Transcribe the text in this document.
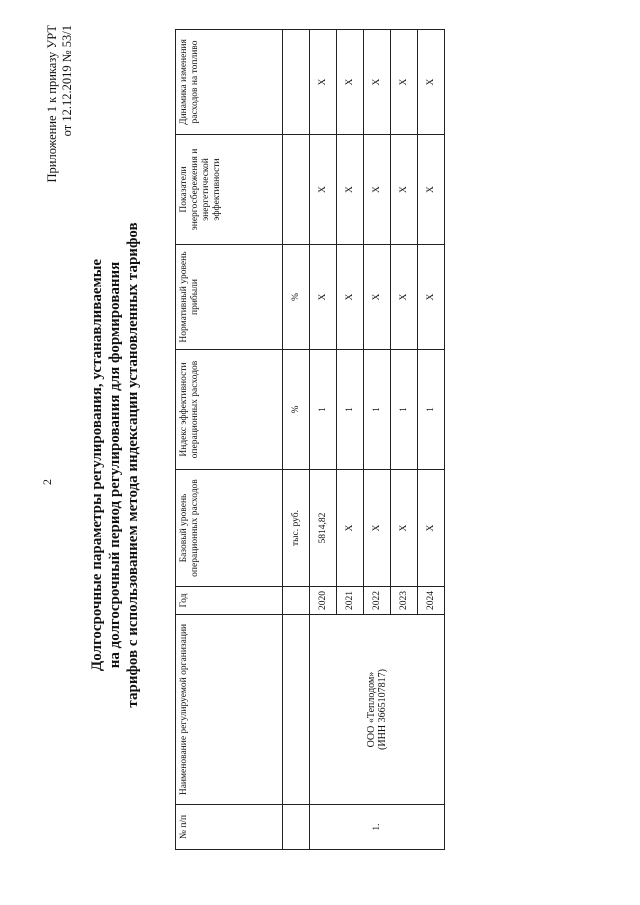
2
Приложение 1 к приказу УРТ от 12.12.2019 № 53/1
Долгосрочные параметры регулирования, устанавливаемые на долгосрочный период регулирования для формирования тарифов с использованием метода индексации установленных тарифов
№ п/п	Наименование регулируемой организации	Год	Базовый уровень операционных расходов	Индекс эффективности операционных расходов	Нормативный уровень прибыли	Показатели энергосбережения и энергетической эффективности	Динамика изменения расходов на топливо
			тыс. руб.	%	%		
1.	ООО «Теплодом» (ИНН 3665107817)	2020	5814,82	1	X	X	X
		2021	X	1	X	X	X
		2022	X	1	X	X	X
		2023	X	1	X	X	X
		2024	X	1	X	X	X
